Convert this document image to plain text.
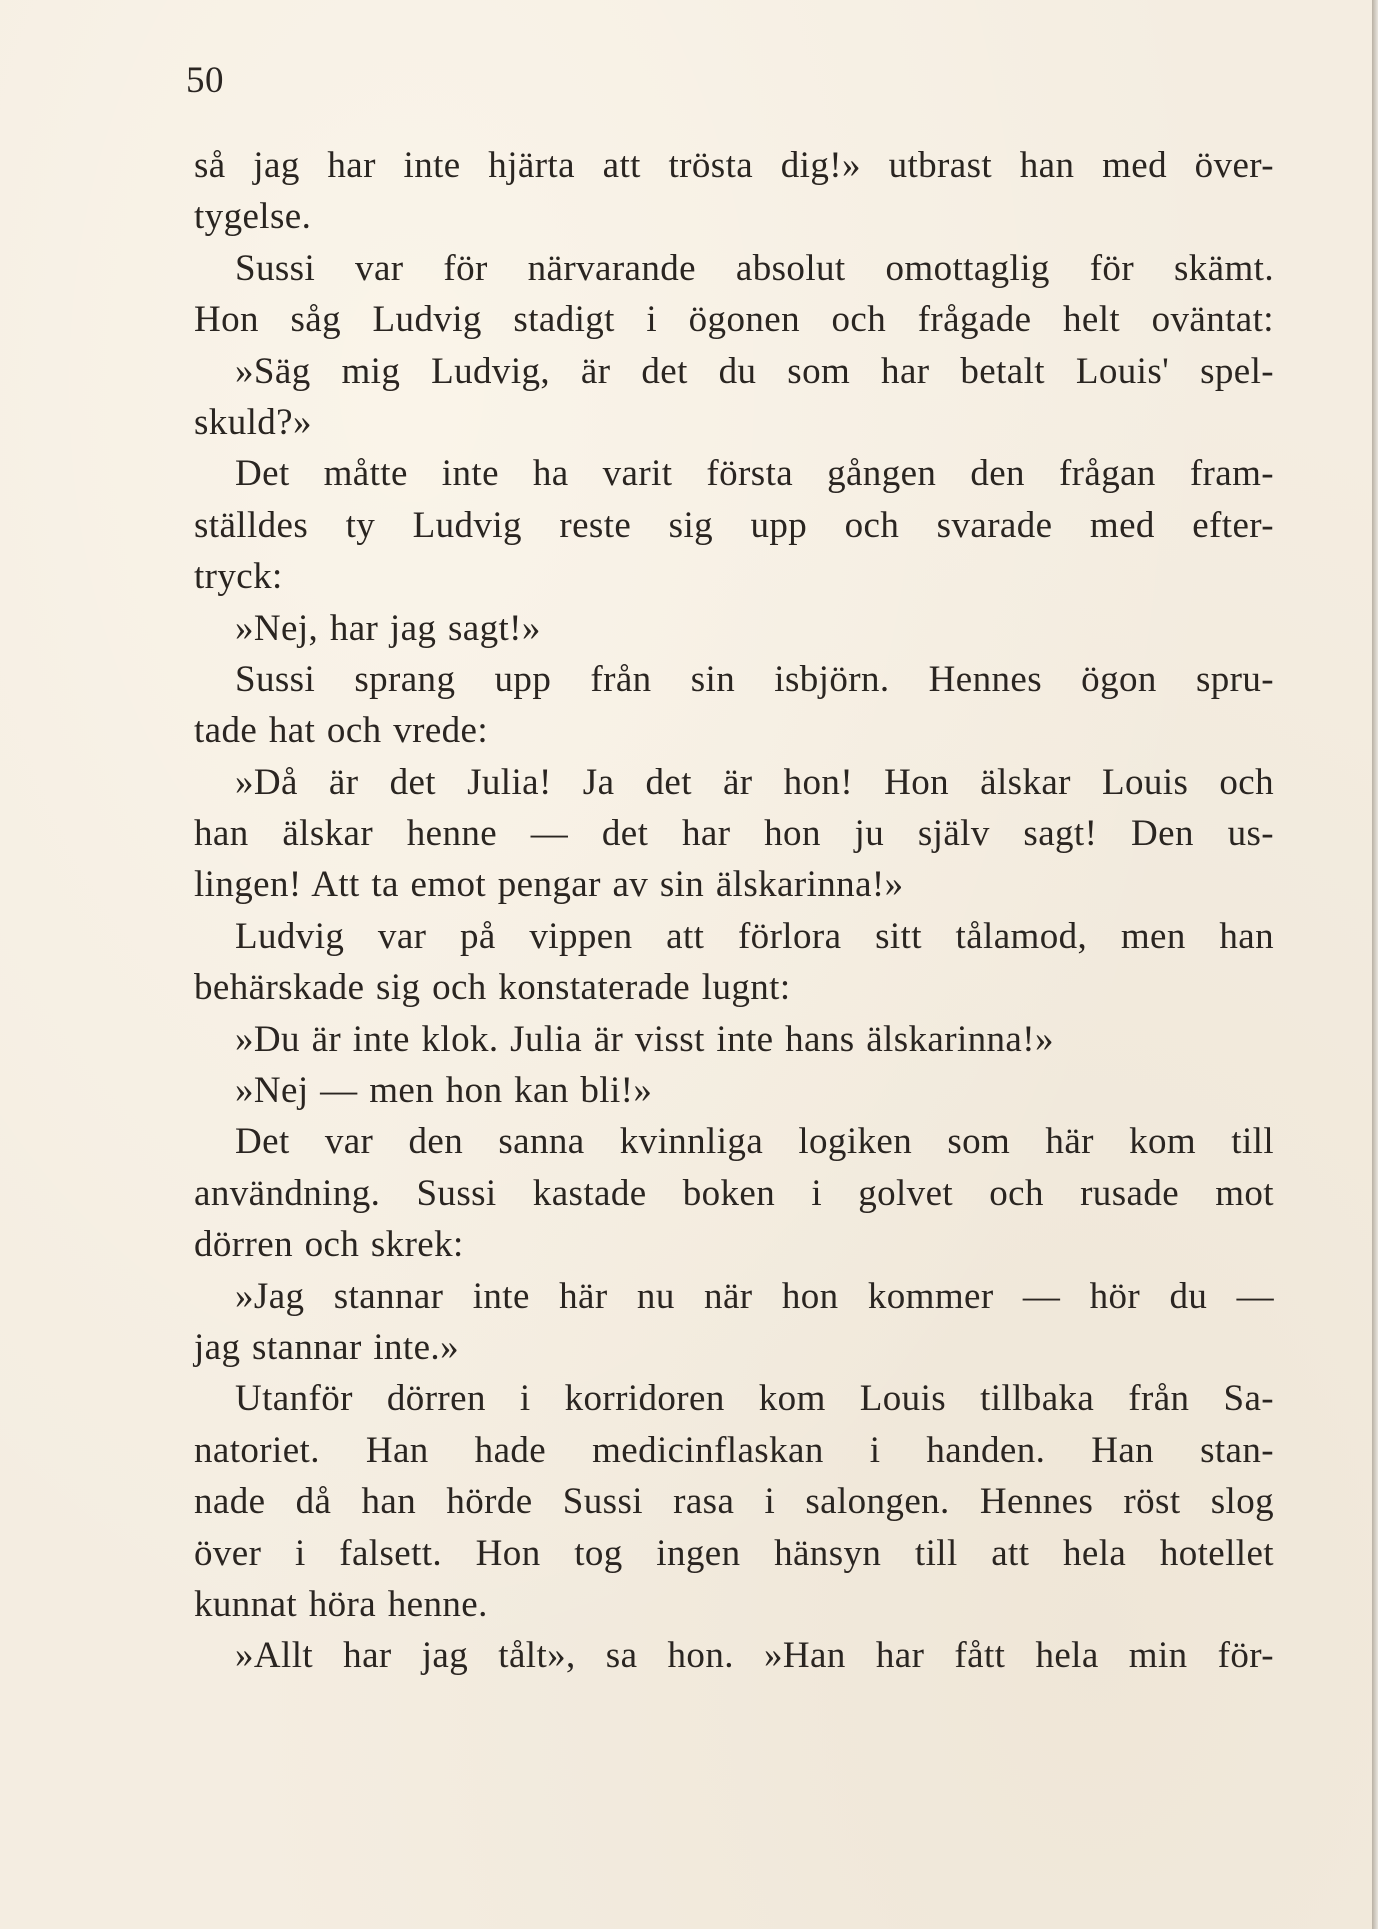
50
så jag har inte hjärta att trösta dig!» utbrast han med över-
tygelse.
Sussi var för närvarande absolut omottaglig för skämt.
Hon såg Ludvig stadigt i ögonen och frågade helt oväntat:
»Säg mig Ludvig, är det du som har betalt Louis' spel-
skuld?»
Det måtte inte ha varit första gången den frågan fram-
ställdes ty Ludvig reste sig upp och svarade med efter-
tryck:
»Nej, har jag sagt!»
Sussi sprang upp från sin isbjörn. Hennes ögon spru-
tade hat och vrede:
»Då är det Julia! Ja det är hon! Hon älskar Louis och
han älskar henne — det har hon ju själv sagt! Den us-
lingen! Att ta emot pengar av sin älskarinna!»
Ludvig var på vippen att förlora sitt tålamod, men han
behärskade sig och konstaterade lugnt:
»Du är inte klok. Julia är visst inte hans älskarinna!»
»Nej — men hon kan bli!»
Det var den sanna kvinnliga logiken som här kom till
användning. Sussi kastade boken i golvet och rusade mot
dörren och skrek:
»Jag stannar inte här nu när hon kommer — hör du —
jag stannar inte.»
Utanför dörren i korridoren kom Louis tillbaka från Sa-
natoriet. Han hade medicinflaskan i handen. Han stan-
nade då han hörde Sussi rasa i salongen. Hennes röst slog
över i falsett. Hon tog ingen hänsyn till att hela hotellet
kunnat höra henne.
»Allt har jag tålt», sa hon. »Han har fått hela min för-
